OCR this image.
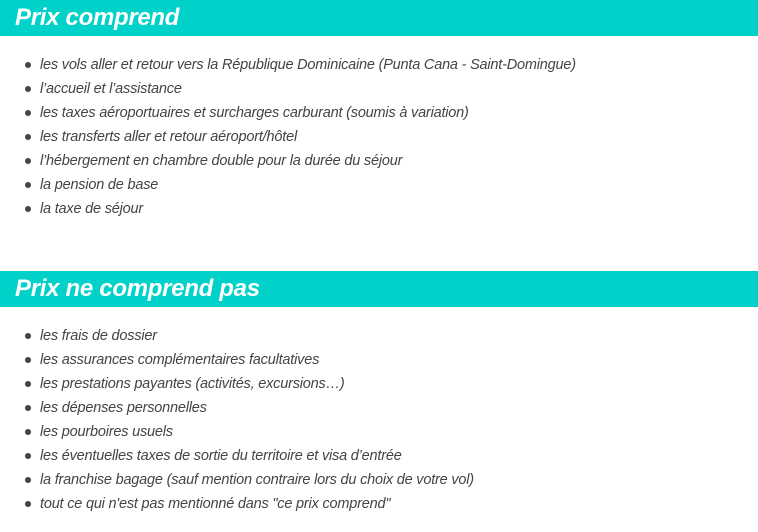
Prix comprend
les vols aller et retour vers la République Dominicaine (Punta Cana - Saint-Domingue)
l’accueil et l’assistance
les taxes aéroportuaires et surcharges carburant (soumis à variation)
les transferts aller et retour aéroport/hôtel
l’hébergement en chambre double pour la durée du séjour
la pension de base
la taxe de séjour
Prix ne comprend pas
les frais de dossier
les assurances complémentaires facultatives
les prestations payantes (activités, excursions…)
les dépenses personnelles
les pourboires usuels
les éventuelles taxes de sortie du territoire et visa d’entrée
la franchise bagage (sauf mention contraire lors du choix de votre vol)
tout ce qui n'est pas mentionné dans "ce prix comprend"
